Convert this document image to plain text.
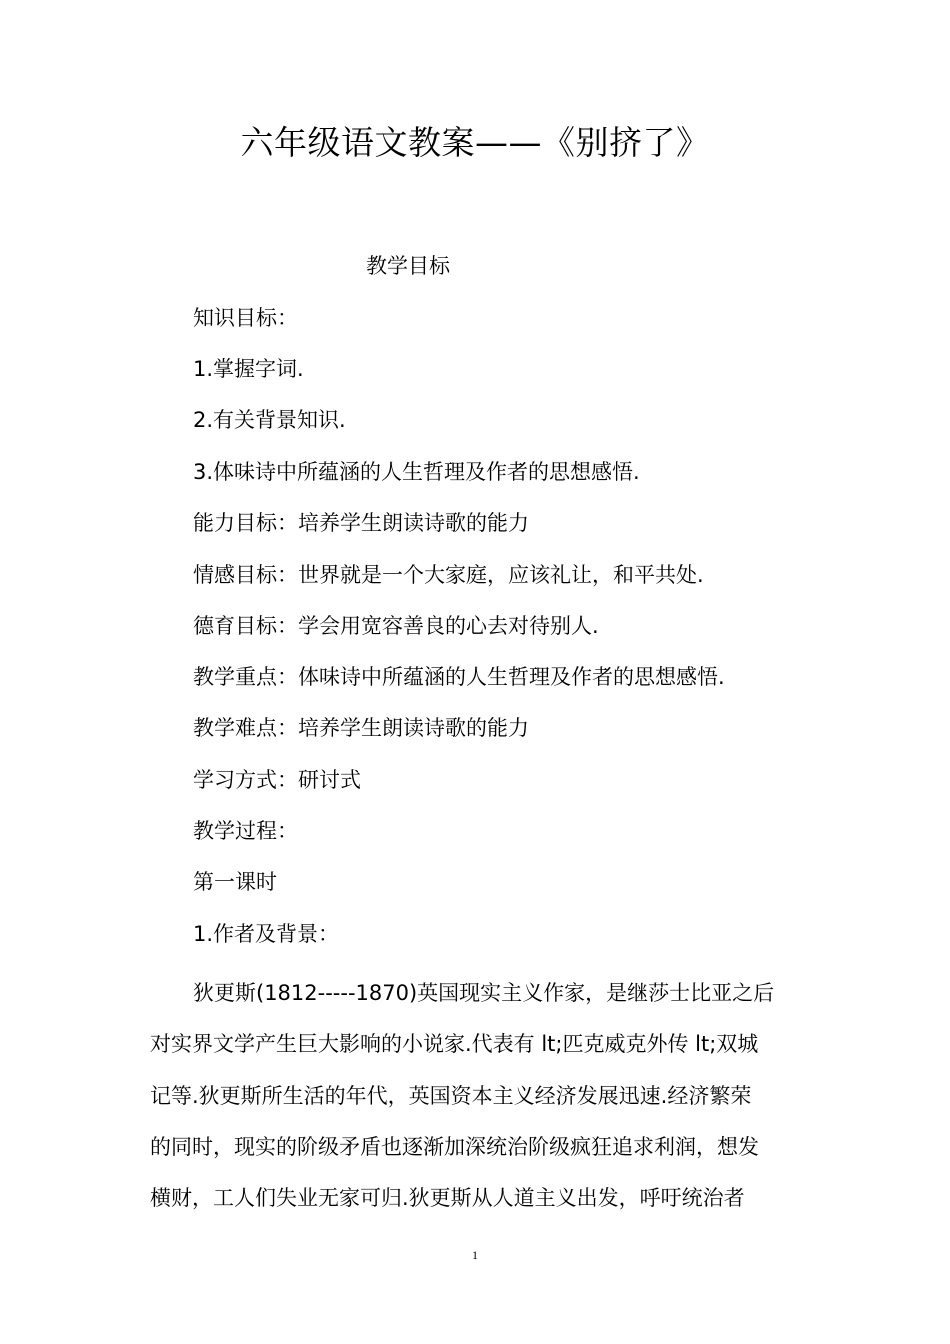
六年级语文教案——《别挤了》
教学目标
知识目标：
1.掌握字词.
2.有关背景知识.
3.体味诗中所蕴涵的人生哲理及作者的思想感悟.
能力目标：培养学生朗读诗歌的能力
情感目标：世界就是一个大家庭，应该礼让，和平共处.
德育目标：学会用宽容善良的心去对待别人.
教学重点：体味诗中所蕴涵的人生哲理及作者的思想感悟.
教学难点：培养学生朗读诗歌的能力
学习方式：研讨式
教学过程：
第一课时
1.作者及背景：
狄更斯(1812-----1870)英国现实主义作家，是继莎士比亚之后
对实界文学产生巨大影响的小说家.代表有 lt;匹克威克外传 lt;双城
记等.狄更斯所生活的年代，英国资本主义经济发展迅速.经济繁荣
的同时，现实的阶级矛盾也逐渐加深统治阶级疯狂追求利润，想发
横财，工人们失业无家可归.狄更斯从人道主义出发，呼吁统治者
1
